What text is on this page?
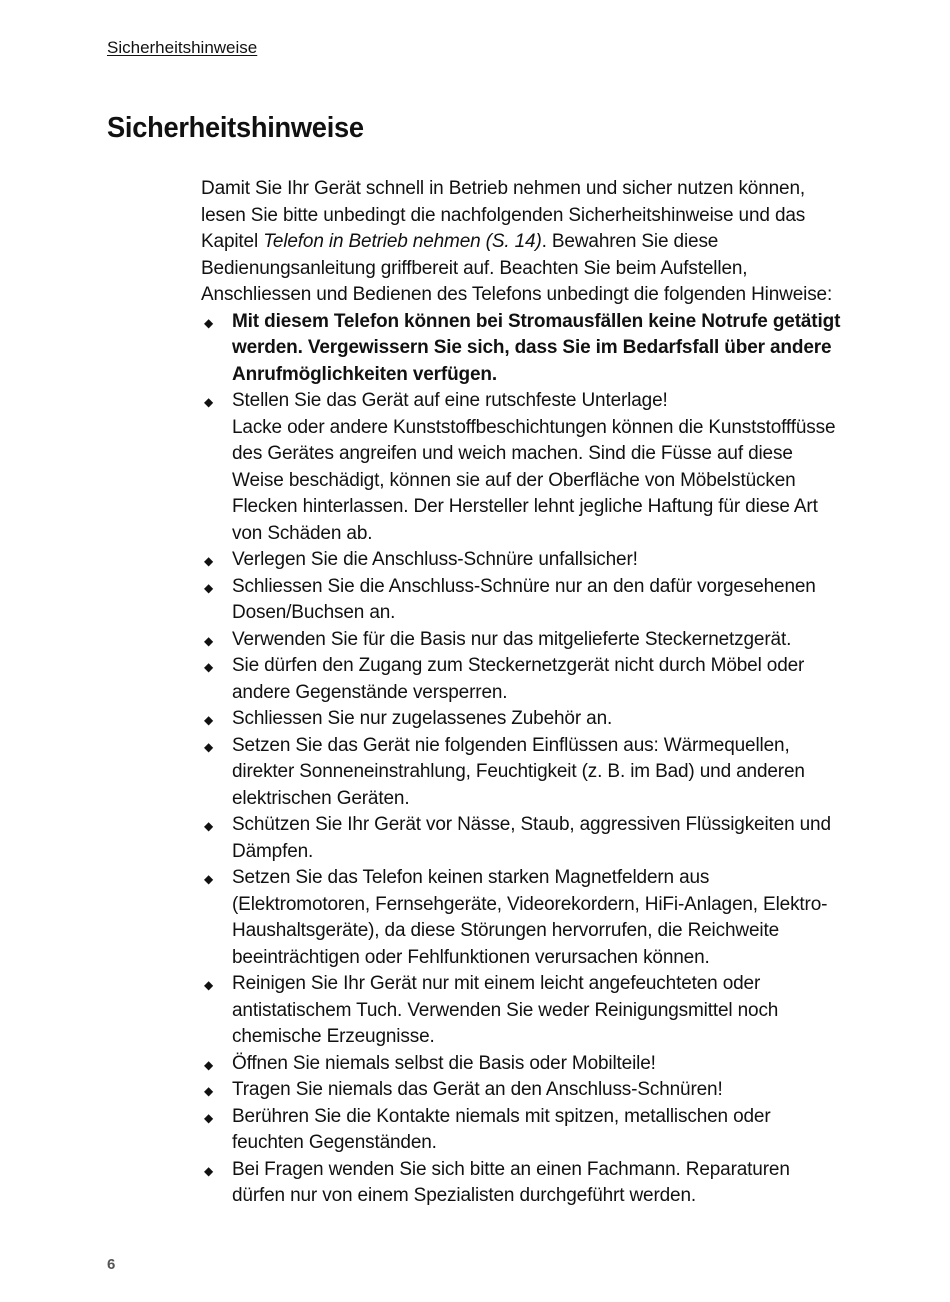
Sicherheitshinweise
Sicherheitshinweise

Damit Sie Ihr Gerät schnell in Betrieb nehmen und sicher nutzen können, lesen Sie bitte unbedingt die nachfolgenden Sicherheitshinweise und das Kapitel Telefon in Betrieb nehmen (S. 14). Bewahren Sie diese Bedienungsanleitung griffbereit auf. Beachten Sie beim Aufstellen, Anschliessen und Bedienen des Telefons unbedingt die folgenden Hinweise:

◆ Mit diesem Telefon können bei Stromausfällen keine Notrufe getätigt werden. Vergewissern Sie sich, dass Sie im Bedarfsfall über andere Anrufmöglichkeiten verfügen.
◆ Stellen Sie das Gerät auf eine rutschfeste Unterlage!
Lacke oder andere Kunststoffbeschichtungen können die Kunststofffüsse des Gerätes angreifen und weich machen. Sind die Füsse auf diese Weise beschädigt, können sie auf der Oberfläche von Möbelstücken Flecken hinterlassen. Der Hersteller lehnt jegliche Haftung für diese Art von Schäden ab.
◆ Verlegen Sie die Anschluss-Schnüre unfallsicher!
◆ Schliessen Sie die Anschluss-Schnüre nur an den dafür vorgesehenen Dosen/Buchsen an.
◆ Verwenden Sie für die Basis nur das mitgelieferte Steckernetzgerät.
◆ Sie dürfen den Zugang zum Steckernetzgerät nicht durch Möbel oder andere Gegenstände versperren.
◆ Schliessen Sie nur zugelassenes Zubehör an.
◆ Setzen Sie das Gerät nie folgenden Einflüssen aus: Wärmequellen, direkter Sonneneinstrahlung, Feuchtigkeit (z. B. im Bad) und anderen elektrischen Geräten.
◆ Schützen Sie Ihr Gerät vor Nässe, Staub, aggressiven Flüssigkeiten und Dämpfen.
◆ Setzen Sie das Telefon keinen starken Magnetfeldern aus (Elektromotoren, Fernsehgeräte, Videorekordern, HiFi-Anlagen, Elektro-Haushaltsgeräte), da diese Störungen hervorrufen, die Reichweite beeinträchtigen oder Fehlfunktionen verursachen können.
◆ Reinigen Sie Ihr Gerät nur mit einem leicht angefeuchteten oder antistatischem Tuch. Verwenden Sie weder Reinigungsmittel noch chemische Erzeugnisse.
◆ Öffnen Sie niemals selbst die Basis oder Mobilteile!
◆ Tragen Sie niemals das Gerät an den Anschluss-Schnüren!
◆ Berühren Sie die Kontakte niemals mit spitzen, metallischen oder feuchten Gegenständen.
◆ Bei Fragen wenden Sie sich bitte an einen Fachmann. Reparaturen dürfen nur von einem Spezialisten durchgeführt werden.
6
